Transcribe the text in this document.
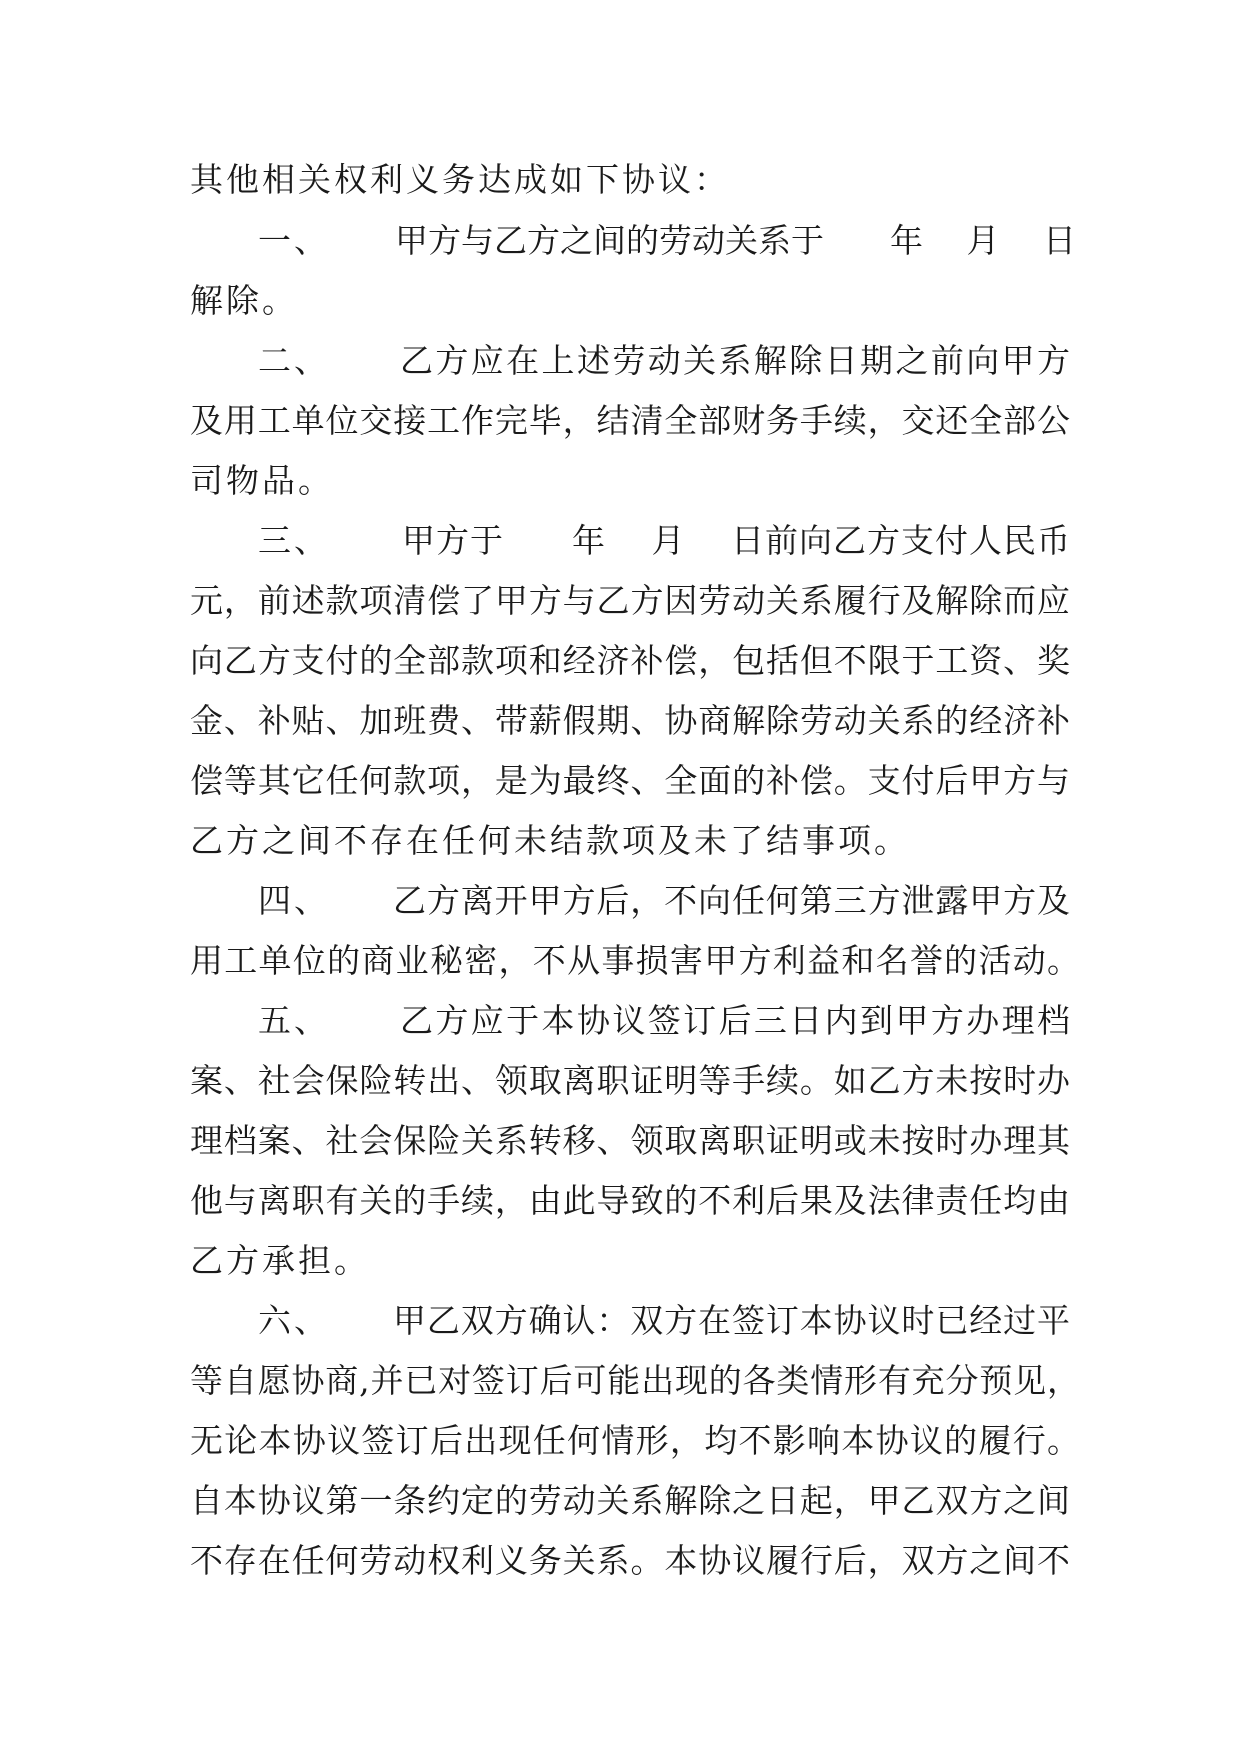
其他相关权利义务达成如下协议：
一、 甲方与乙方之间的劳动关系于　　年　 月　 日
解除。
二、 乙方应在上述劳动关系解除日期之前向甲方
及用工单位交接工作完毕，结清全部财务手续，交还全部公
司物品。
三、 甲方于　　年　 月　 日前向乙方支付人民币
元，前述款项清偿了甲方与乙方因劳动关系履行及解除而应
向乙方支付的全部款项和经济补偿，包括但不限于工资、奖
金、补贴、加班费、带薪假期、协商解除劳动关系的经济补
偿等其它任何款项，是为最终、全面的补偿。支付后甲方与
乙方之间不存在任何未结款项及未了结事项。
四、 乙方离开甲方后，不向任何第三方泄露甲方及
用工单位的商业秘密，不从事损害甲方利益和名誉的活动。
五、 乙方应于本协议签订后三日内到甲方办理档
案、社会保险转出、领取离职证明等手续。如乙方未按时办
理档案、社会保险关系转移、领取离职证明或未按时办理其
他与离职有关的手续，由此导致的不利后果及法律责任均由
乙方承担。
六、 甲乙双方确认：双方在签订本协议时已经过平
等自愿协商,并已对签订后可能出现的各类情形有充分预见，
无论本协议签订后出现任何情形，均不影响本协议的履行。
自本协议第一条约定的劳动关系解除之日起，甲乙双方之间
不存在任何劳动权利义务关系。本协议履行后，双方之间不
